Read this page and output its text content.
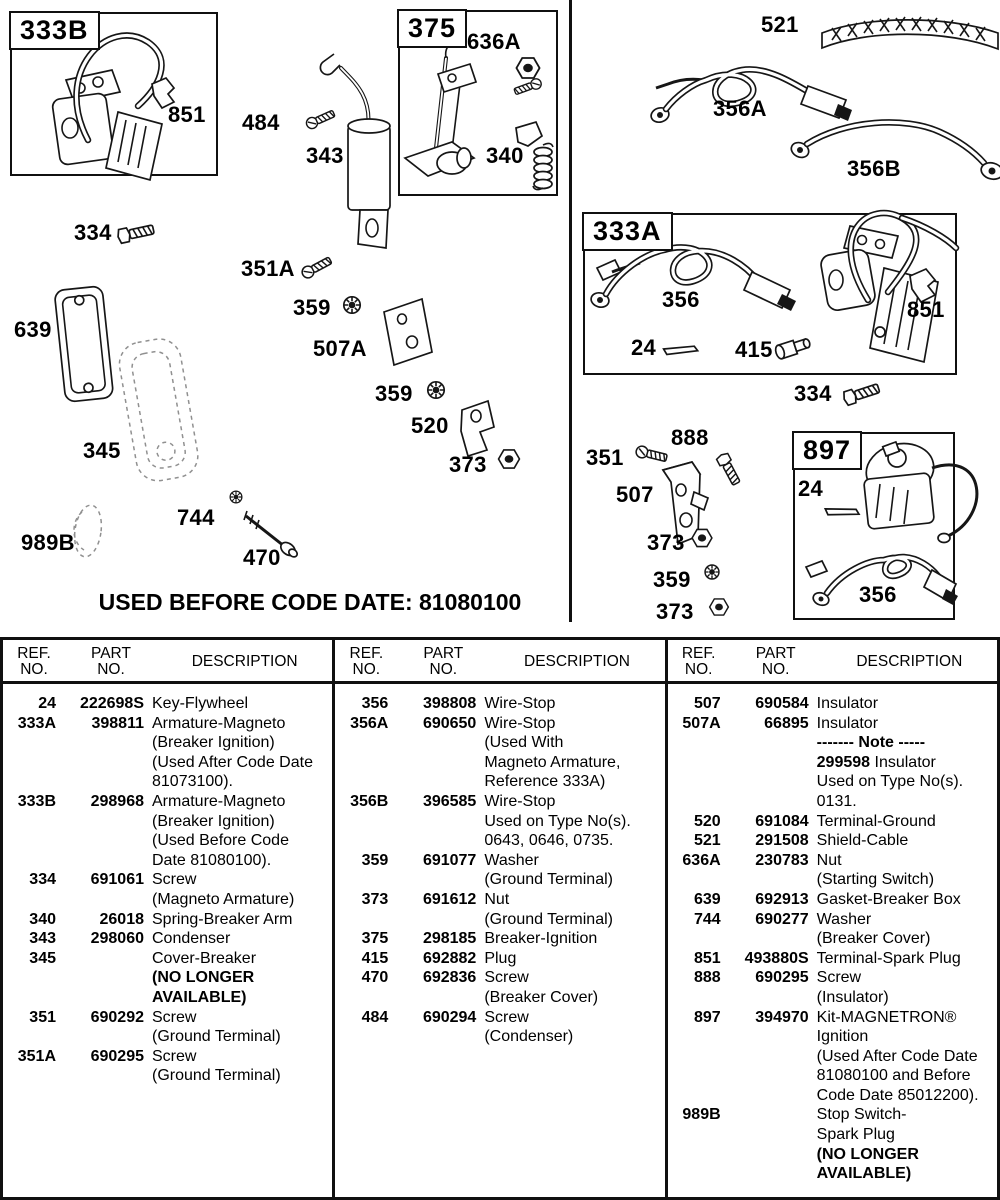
333B	375
333A
897
851 484
343
636A
340
334
351A
359
507A
359
520
373
639
345
744
989B
470
521
356A
356B
356	851
24	415
334
888
351
507
373
359
373
24
356
USED BEFORE CODE DATE: 81080100
REF.
NO.
PART
NO.	DESCRIPTION
24	222698S Key-Flywheel
333A	398811 Armature-Magneto
(Breaker Ignition)
(Used After Code Date
81073100).
333B	298968 Armature-Magneto
(Breaker Ignition)
(Used Before Code
Date 81080100).
334	691061 Screw
(Magneto Armature)
340	26018 Spring-Breaker Arm
343	298060 Condenser
345	Cover-Breaker
(NO LONGER
AVAILABLE)
351	690292 Screw
(Ground Terminal)
351A	690295 Screw
(Ground Terminal)
REF.
NO.
PART
NO.	DESCRIPTION
356	398808 Wire-Stop
356A	690650 Wire-Stop
(Used With
Magneto Armature,
Reference 333A)
356B	396585 Wire-Stop
Used on Type No(s).
0643, 0646, 0735.
359	691077 Washer
(Ground Terminal)
373	691612 Nut
(Ground Terminal)
375	298185 Breaker-Ignition
415	692882 Plug
470	692836 Screw
(Breaker Cover)
484	690294 Screw
(Condenser)
REF.
NO.
PART
NO.	DESCRIPTION
507	690584 Insulator
507A	66895 Insulator
------- Note -----
299598 Insulator
Used on Type No(s).
0131.
520	691084 Terminal-Ground
521	291508 Shield-Cable
636A	230783 Nut
(Starting Switch)
639	692913 Gasket-Breaker Box
744	690277 Washer
(Breaker Cover)
851	493880S Terminal-Spark Plug
888	690295 Screw
(Insulator)
897	394970 Kit-MAGNETRON®
Ignition
(Used After Code Date
81080100 and Before
Code Date 85012200).
989B	Stop Switch-
Spark Plug
(NO LONGER
AVAILABLE)
